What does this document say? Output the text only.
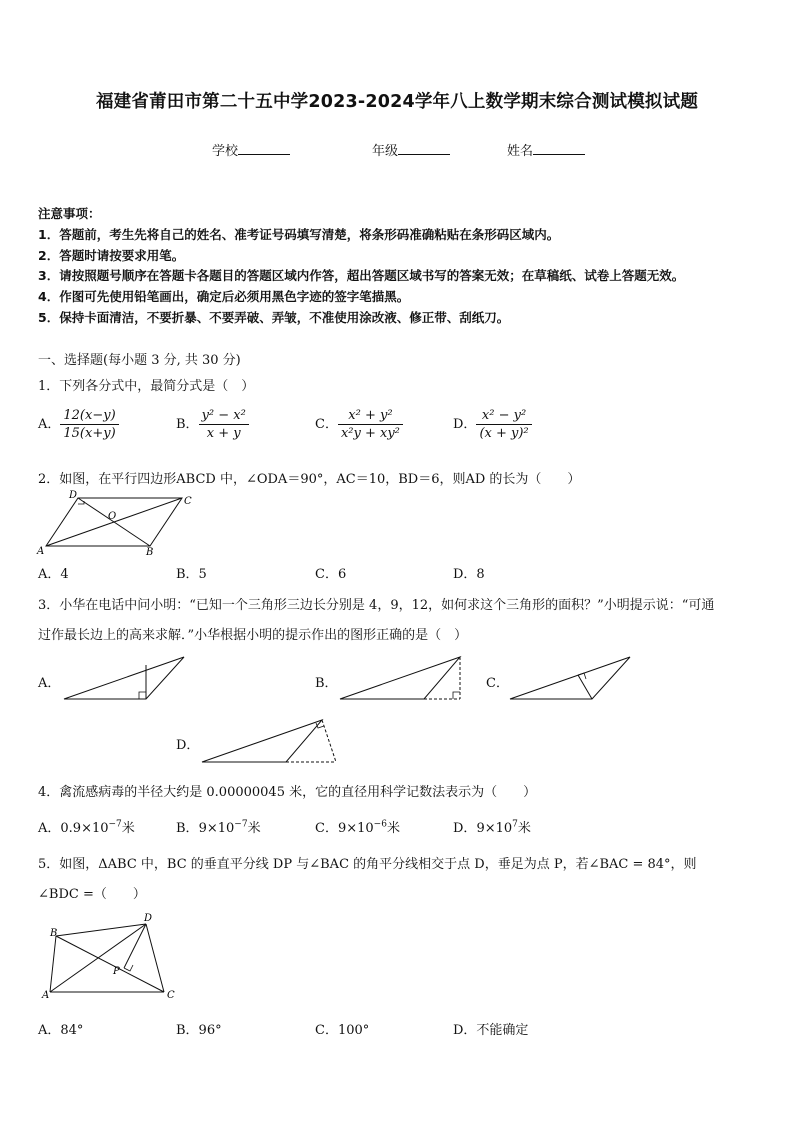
福建省莆田市第二十五中学2023-2024学年八上数学期末综合测试模拟试题
学校	年级	姓名
注意事项：
1．答题前，考生先将自己的姓名、准考证号码填写清楚，将条形码准确粘贴在条形码区域内。
2．答题时请按要求用笔。
3．请按照题号顺序在答题卡各题目的答题区域内作答，超出答题区域书写的答案无效；在草稿纸、试卷上答题无效。
4．作图可先使用铅笔画出，确定后必须用黑色字迹的签字笔描黑。
5．保持卡面清洁，不要折暴、不要弄破、弄皱，不准使用涂改液、修正带、刮纸刀。
一、选择题(每小题 3 分, 共 30 分)
1．下列各分式中，最简分式是（　）
A． $\frac{12(x-y)}{15(x+y)}$	B． $\frac{\text{y² − x²}}{x + y}$	C． $\frac{\text{x² + y²}}{\text{x²y + xy²}}$	D． $\frac{\text{x² − y²}}{\text{(x + y)²}}$
2．如图，在平行四边形ABCD 中，∠ODA＝90°，AC＝10，BD＝6，则AD 的长为（　　）
D
C
O
A	B
A．4	B．5	C．6	D．8
3．小华在电话中问小明：“已知一个三角形三边长分别是 4，9，12，如何求这个三角形的面积？”小明提示说：“可通
过作最长边上的高来求解．”小华根据小明的提示作出的图形正确的是（　）
A．	B．	C．
D．
4．禽流感病毒的半径大约是 0.00000045 米，它的直径用科学记数法表示为（　　）
A．$0.9\times 10^{-7}$米	B．$9\times 10^{-7}$米	C．$9\times 10^{-6}$米	D．$9\times 10^7$米
5．如图，ΔABC 中，BC 的垂直平分线 DP 与∠BAC 的角平分线相交于点 D，垂足为点 P，若∠BAC = 84°，则
∠BDC =（　　）
B
D
P
A	C
A．84°	B．96°	C．100°	D．不能确定
